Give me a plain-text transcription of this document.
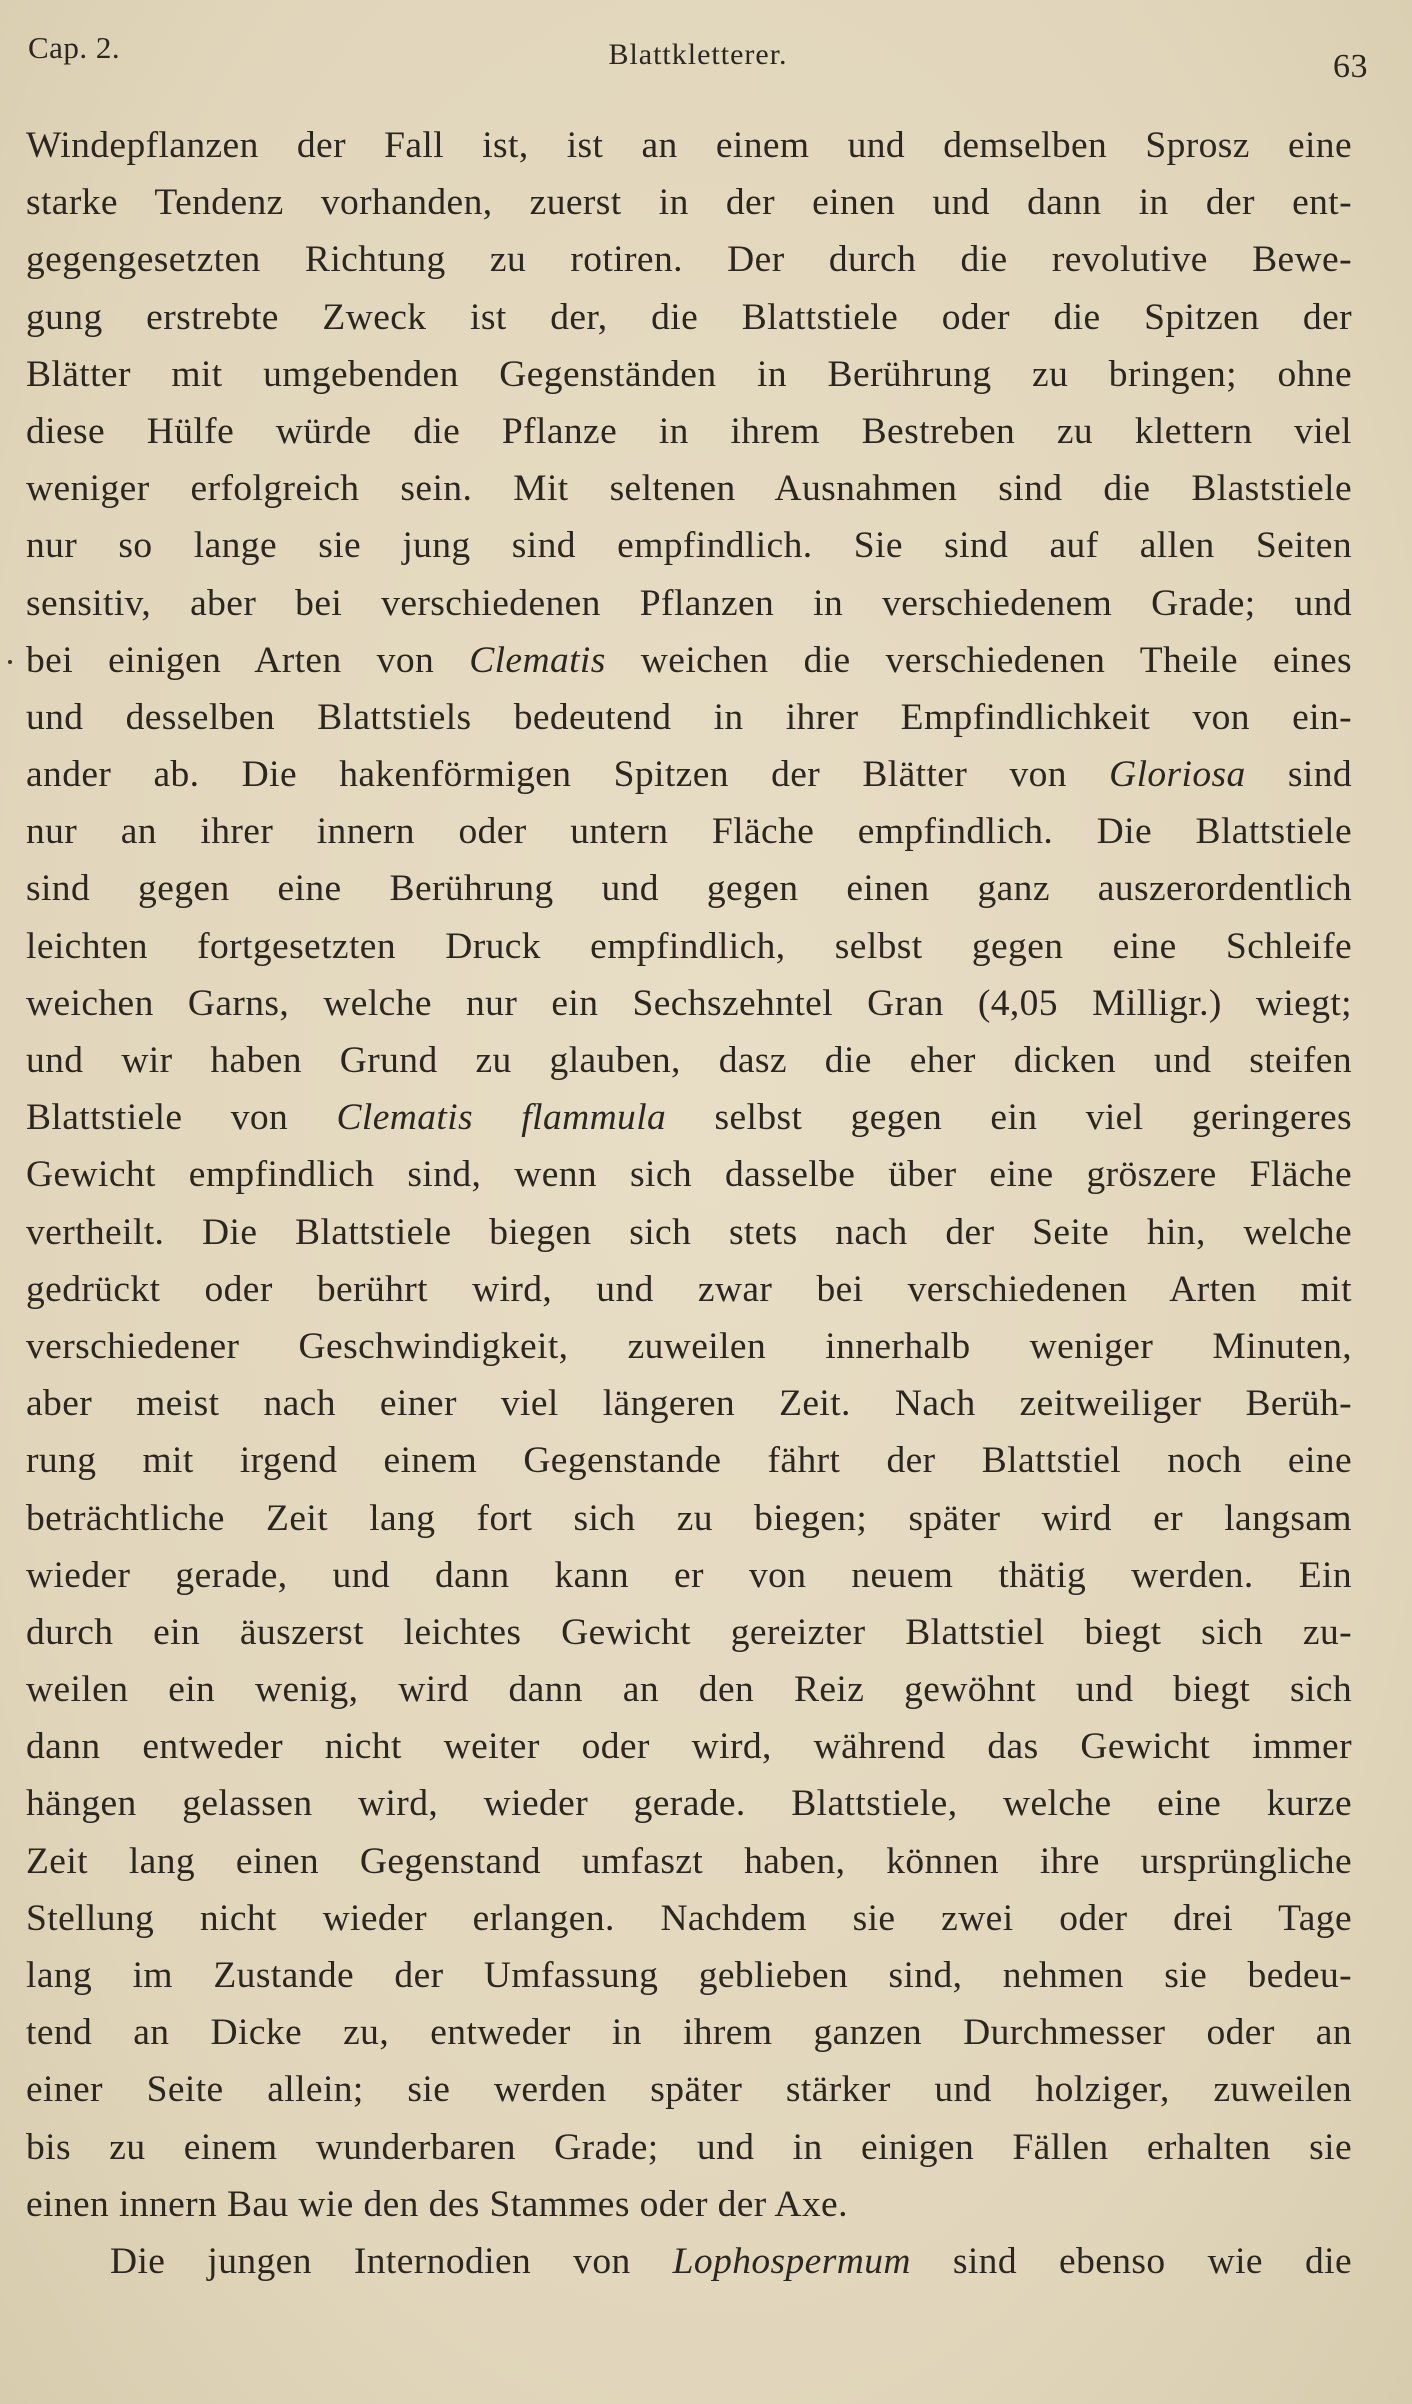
Cap. 2.	Blattkletterer.	63
Windepflanzen der Fall ist, ist an einem und demselben Sprosz eine
starke Tendenz vorhanden, zuerst in der einen und dann in der ent-
gegengesetzten Richtung zu rotiren. Der durch die revolutive Bewe-
gung erstrebte Zweck ist der, die Blattstiele oder die Spitzen der
Blätter mit umgebenden Gegenständen in Berührung zu bringen; ohne
diese Hülfe würde die Pflanze in ihrem Bestreben zu klettern viel
weniger erfolgreich sein. Mit seltenen Ausnahmen sind die Blaststiele
nur so lange sie jung sind empfindlich. Sie sind auf allen Seiten
sensitiv, aber bei verschiedenen Pflanzen in verschiedenem Grade; und
bei einigen Arten von Clematis weichen die verschiedenen Theile eines
und desselben Blattstiels bedeutend in ihrer Empfindlichkeit von ein-
ander ab. Die hakenförmigen Spitzen der Blätter von Gloriosa sind
nur an ihrer innern oder untern Fläche empfindlich. Die Blattstiele
sind gegen eine Berührung und gegen einen ganz auszerordentlich
leichten fortgesetzten Druck empfindlich, selbst gegen eine Schleife
weichen Garns, welche nur ein Sechszehntel Gran (4,05 Milligr.) wiegt;
und wir haben Grund zu glauben, dasz die eher dicken und steifen
Blattstiele von Clematis flammula selbst gegen ein viel geringeres
Gewicht empfindlich sind, wenn sich dasselbe über eine gröszere Fläche
vertheilt. Die Blattstiele biegen sich stets nach der Seite hin, welche
gedrückt oder berührt wird, und zwar bei verschiedenen Arten mit
verschiedener Geschwindigkeit, zuweilen innerhalb weniger Minuten,
aber meist nach einer viel längeren Zeit. Nach zeitweiliger Berüh-
rung mit irgend einem Gegenstande fährt der Blattstiel noch eine
beträchtliche Zeit lang fort sich zu biegen; später wird er langsam
wieder gerade, und dann kann er von neuem thätig werden. Ein
durch ein äuszerst leichtes Gewicht gereizter Blattstiel biegt sich zu-
weilen ein wenig, wird dann an den Reiz gewöhnt und biegt sich
dann entweder nicht weiter oder wird, während das Gewicht immer
hängen gelassen wird, wieder gerade. Blattstiele, welche eine kurze
Zeit lang einen Gegenstand umfaszt haben, können ihre ursprüngliche
Stellung nicht wieder erlangen. Nachdem sie zwei oder drei Tage
lang im Zustande der Umfassung geblieben sind, nehmen sie bedeu-
tend an Dicke zu, entweder in ihrem ganzen Durchmesser oder an
einer Seite allein; sie werden später stärker und holziger, zuweilen
bis zu einem wunderbaren Grade; und in einigen Fällen erhalten sie
einen innern Bau wie den des Stammes oder der Axe.
Die jungen Internodien von Lophospermum sind ebenso wie die
